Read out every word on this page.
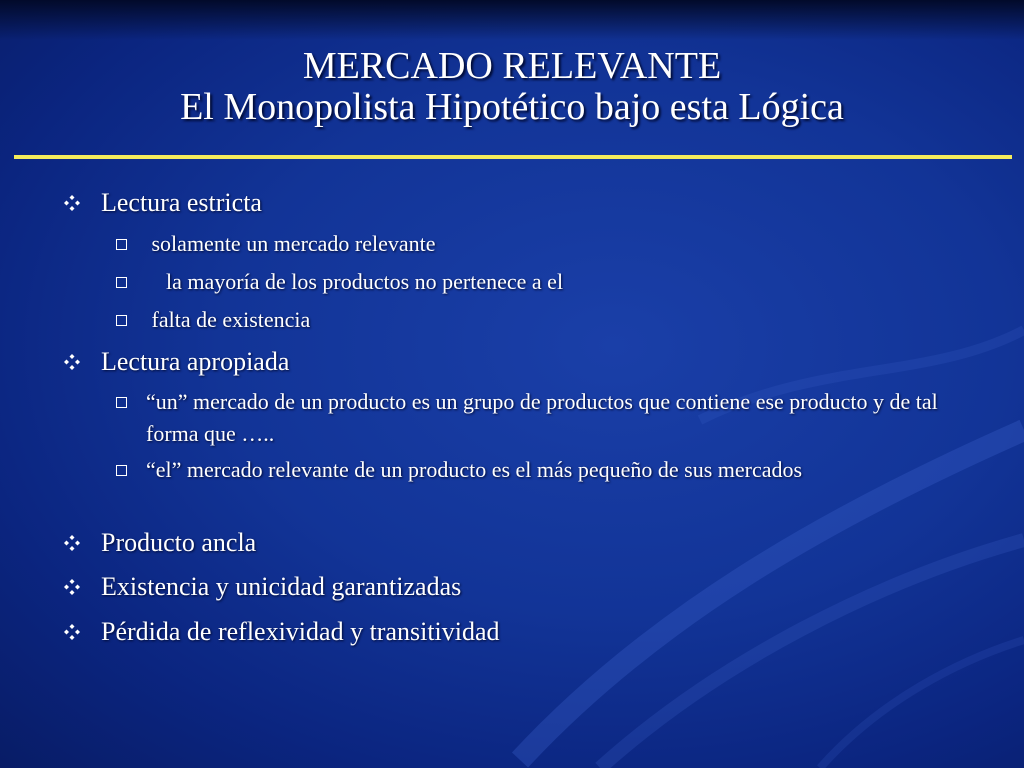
MERCADO RELEVANTE
El Monopolista Hipotético bajo esta Lógica
Lectura estricta
solamente un mercado relevante
la mayoría de los productos no pertenece a el
falta de existencia
Lectura apropiada
“un” mercado de un producto es un grupo de productos que contiene ese producto y de tal forma que …..
“el” mercado relevante de un producto es el más pequeño de sus mercados
Producto ancla
Existencia y unicidad garantizadas
Pérdida de reflexividad y transitividad
